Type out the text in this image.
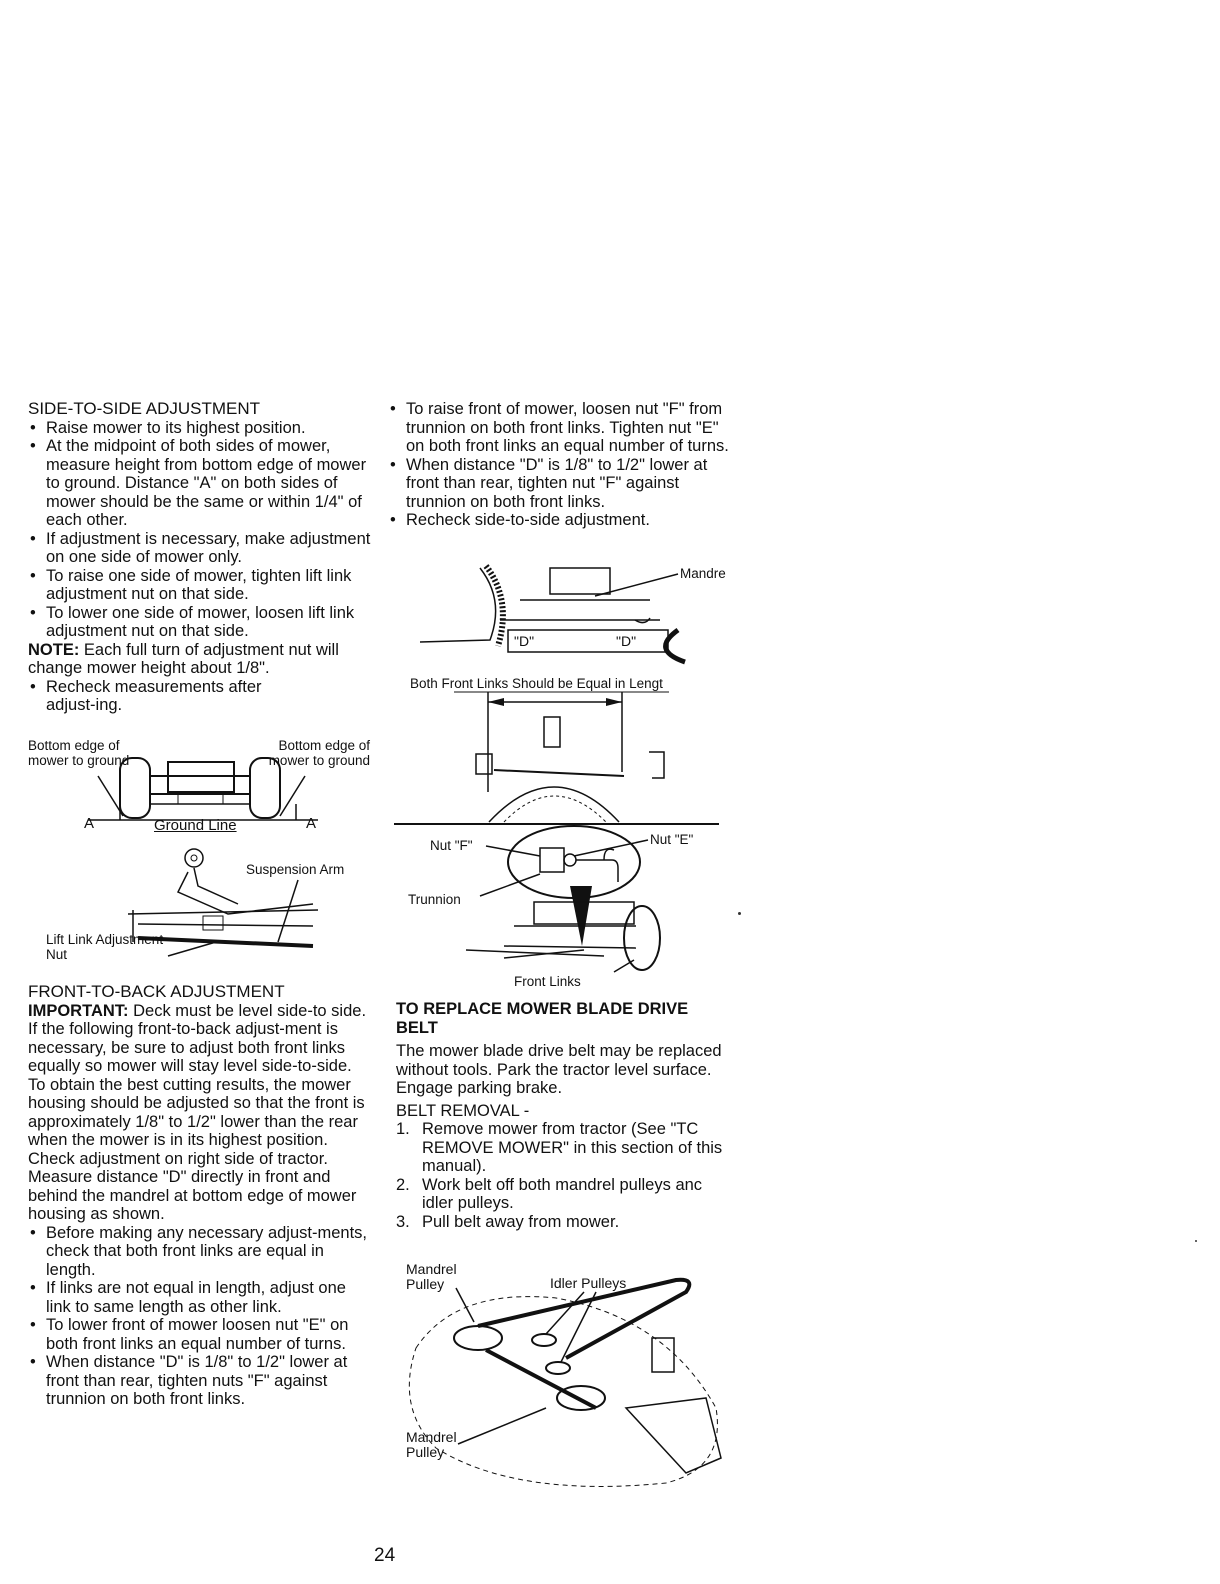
SIDE-TO-SIDE ADJUSTMENT

• Raise mower to its highest position.
• At the midpoint of both sides of mower, measure height from bottom edge of mower to ground. Distance "A" on both sides of mower should be the same or within 1/4" of each other.
• If adjustment is necessary, make adjustment on one side of mower only.
• To raise one side of mower, tighten lift link adjustment nut on that side.
• To lower one side of mower, loosen lift link adjustment nut on that side.

NOTE: Each full turn of adjustment nut will change mower height about 1/8".

• Recheck measurements after adjust-ing.
Bottom edge of mower to ground
Bottom edge of mower to ground
A	A
Ground Line
Suspension Arm
Lift Link Adjustment Nut

FRONT-TO-BACK ADJUSTMENT

IMPORTANT: Deck must be level side-to side. If the following front-to-back adjust-ment is necessary, be sure to adjust both front links equally so mower will stay level side-to-side.

To obtain the best cutting results, the mower housing should be adjusted so that the front is approximately 1/8" to 1/2" lower than the rear when the mower is in its highest position.

Check adjustment on right side of tractor. Measure distance "D" directly in front and behind the mandrel at bottom edge of mower housing as shown.

• Before making any necessary adjust-ments, check that both front links are equal in length.
• If links are not equal in length, adjust one link to same length as other link.
• To lower front of mower loosen nut "E" on both front links an equal number of turns.
• When distance "D" is 1/8" to 1/2" lower at front than rear, tighten nuts "F" against trunnion on both front links.
• To raise front of mower, loosen nut "F" from trunnion on both front links. Tighten nut "E" on both front links an equal number of turns.
• When distance "D" is 1/8" to 1/2" lower at front than rear, tighten nut "F" against trunnion on both front links.
• Recheck side-to-side adjustment.
Mandre
"D"	"D"
Both Front Links Should be Equal in Lengt
Nut "F"	Nut "E"
Trunnion
Front Links

TO REPLACE MOWER BLADE DRIVE BELT

The mower blade drive belt may be replaced without tools. Park the tractor level surface. Engage parking brake.

BELT REMOVAL -

1. Remove mower from tractor (See "TC REMOVE MOWER" in this section of this manual).
2. Work belt off both mandrel pulleys anc idler pulleys.
3. Pull belt away from mower.
Mandrel Pulley	Idler Pulleys
Mandrel Pulley
24
